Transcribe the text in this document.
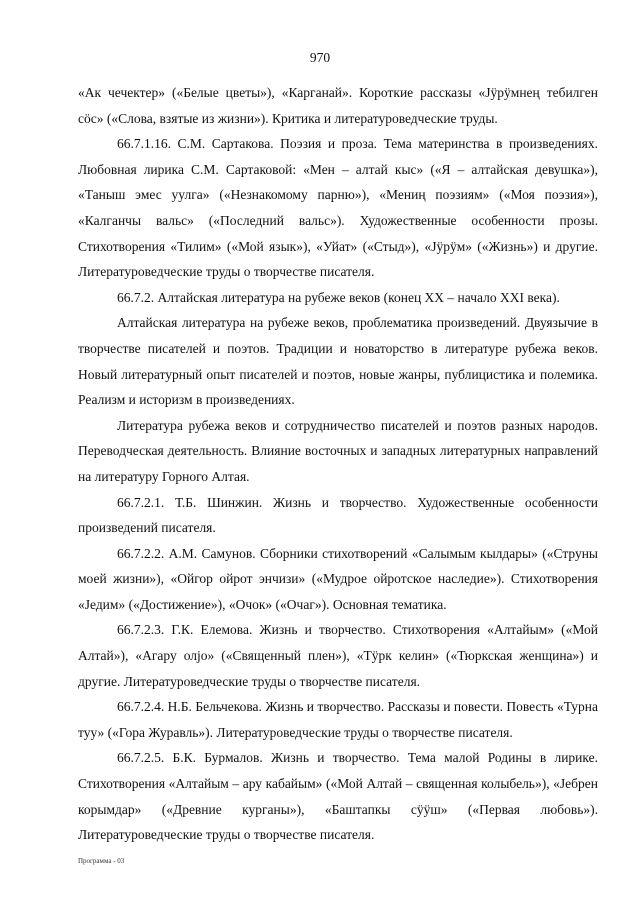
970

«Ак чечектер» («Белые цветы»), «Карганай». Короткие рассказы «Јӱрӱмнең тебилген сӧс» («Слова, взятые из жизни»). Критика и литературоведческие труды.

66.7.1.16. С.М. Сартакова. Поэзия и проза. Тема материнства в произведениях. Любовная лирика С.М. Сартаковой: «Мен – алтай кыс» («Я – алтайская девушка»), «Таныш эмес уулга» («Незнакомому парню»), «Мениң поэзиям» («Моя поэзия»), «Калганчы вальс» («Последний вальс»). Художественные особенности прозы. Стихотворения «Тилим» («Мой язык»), «Уйат» («Стыд»), «Јӱрӱм» («Жизнь») и другие. Литературоведческие труды о творчестве писателя.

66.7.2. Алтайская литература на рубеже веков (конец XX – начало XXI века).

Алтайская литература на рубеже веков, проблематика произведений. Двуязычие в творчестве писателей и поэтов. Традиции и новаторство в литературе рубежа веков. Новый литературный опыт писателей и поэтов, новые жанры, публицистика и полемика. Реализм и историзм в произведениях.

Литература рубежа веков и сотрудничество писателей и поэтов разных народов. Переводческая деятельность. Влияние восточных и западных литературных направлений на литературу Горного Алтая.

66.7.2.1. Т.Б. Шинжин. Жизнь и творчество. Художественные особенности произведений писателя.

66.7.2.2. А.М. Самунов. Сборники стихотворений «Салымым кылдары» («Струны моей жизни»), «Ойгор ойрот энчизи» («Мудрое ойротское наследие»). Стихотворения «Једим» («Достижение»), «Очок» («Очаг»). Основная тематика.

66.7.2.3. Г.К. Елемова. Жизнь и творчество. Стихотворения «Алтайым» («Мой Алтай»), «Агару олјо» («Священный плен»), «Тӱрк келин» («Тюркская женщина») и другие. Литературоведческие труды о творчестве писателя.

66.7.2.4. Н.Б. Бельчекова. Жизнь и творчество. Рассказы и повести. Повесть «Турна туу» («Гора Журавль»). Литературоведческие труды о творчестве писателя.

66.7.2.5. Б.К. Бурмалов. Жизнь и творчество. Тема малой Родины в лирике. Стихотворения «Алтайым – ару кабайым» («Мой Алтай – священная колыбель»), «Јебрен корымдар» («Древние курганы»), «Баштапкы сӱӱш» («Первая любовь»). Литературоведческие труды о творчестве писателя.

Программа - 03
